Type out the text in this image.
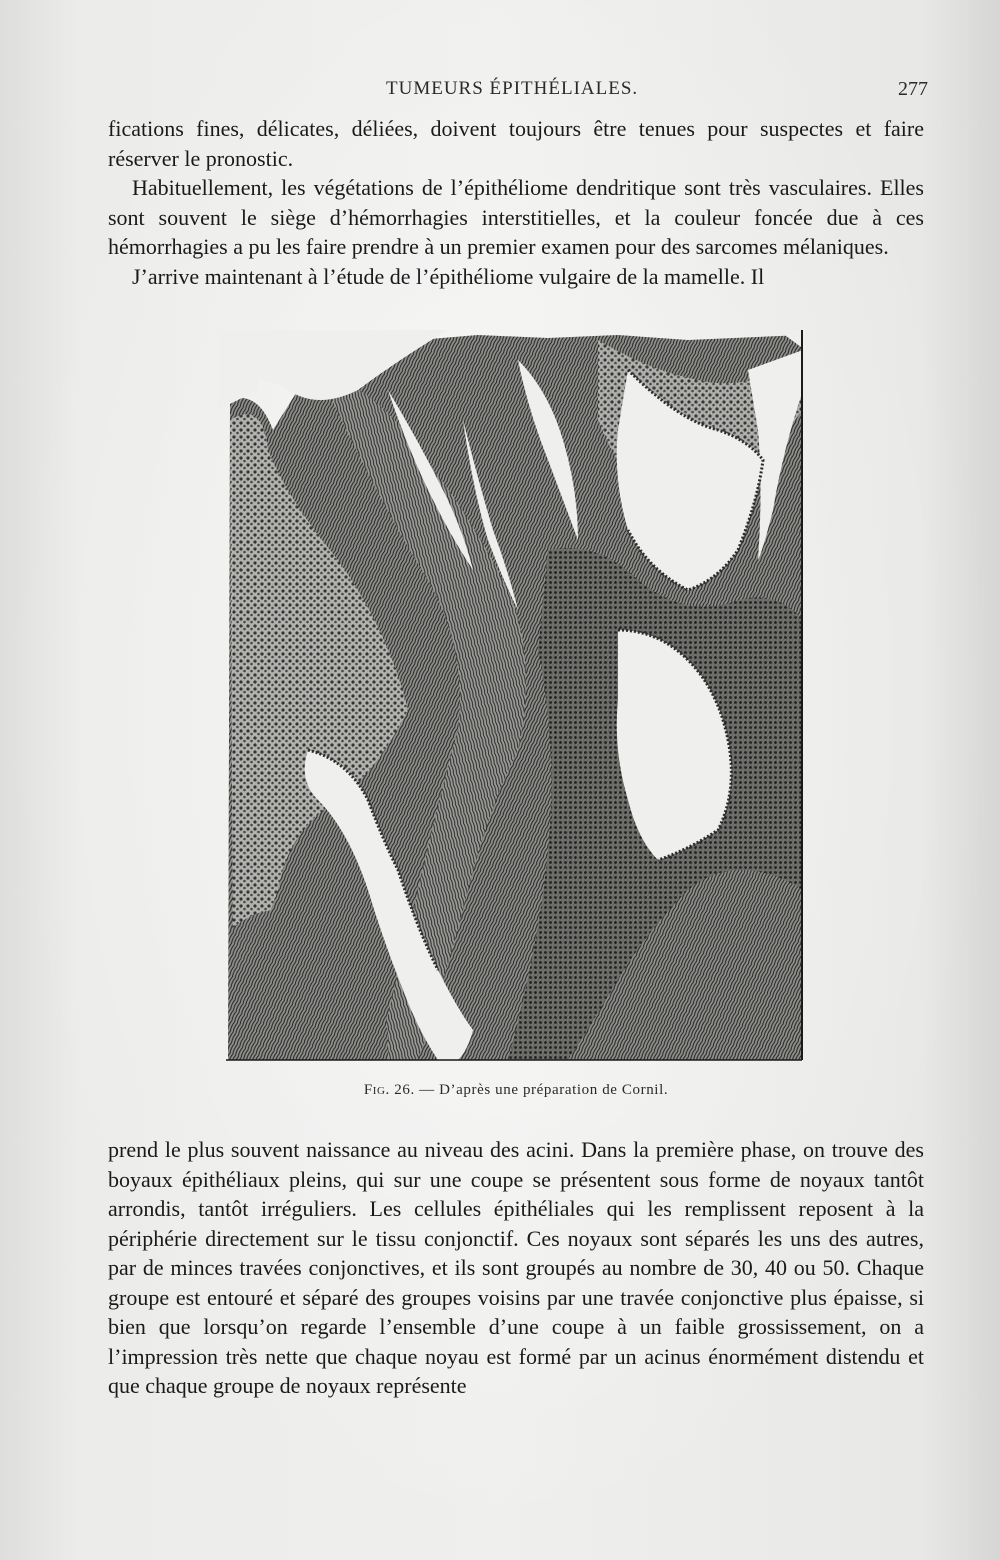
TUMEURS ÉPITHÉLIALES.	277

fications fines, délicates, déliées, doivent toujours être tenues pour suspectes et faire réserver le pronostic.

Habituellement, les végétations de l’épithéliome dendritique sont très vasculaires. Elles sont souvent le siège d’hémorrhagies interstitielles, et la couleur foncée due à ces hémorrhagies a pu les faire prendre à un premier examen pour des sarcomes mélaniques.

J’arrive maintenant à l’étude de l’épithéliome vulgaire de la mamelle. Il

Fig. 26. — D’après une préparation de Cornil.

prend le plus souvent naissance au niveau des acini. Dans la première phase, on trouve des boyaux épithéliaux pleins, qui sur une coupe se présentent sous forme de noyaux tantôt arrondis, tantôt irréguliers. Les cellules épithéliales qui les remplissent reposent à la périphérie directement sur le tissu conjonctif. Ces noyaux sont séparés les uns des autres, par de minces travées conjonctives, et ils sont groupés au nombre de 30, 40 ou 50. Chaque groupe est entouré et séparé des groupes voisins par une travée conjonctive plus épaisse, si bien que lorsqu’on regarde l’ensemble d’une coupe à un faible grossissement, on a l’impression très nette que chaque noyau est formé par un acinus énormément distendu et que chaque groupe de noyaux représente
